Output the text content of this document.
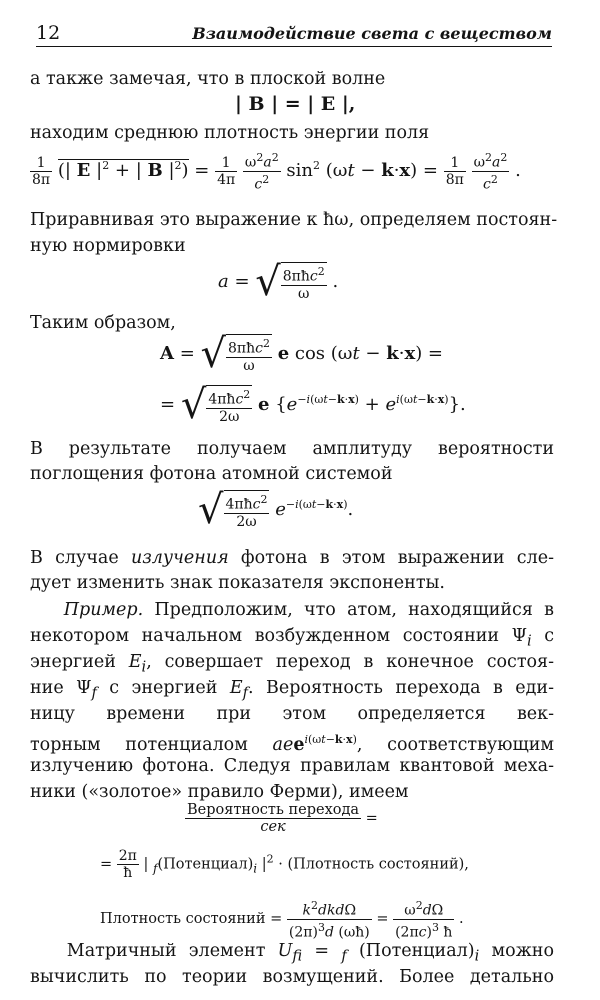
12	Взаимодействие света с веществом
а также замечая, что в плоской волне
| B | = | E |,
находим среднюю плотность энергии поля
$\frac{1}{8\pi}$ (| E $|^2$ + | B $|^2) = \frac{1}{4\pi}$
$\frac{\omega^2a^2}{c^2} \sin^2 (\omega t - k\cdot x) = \frac{1}{8\pi}$
$\frac{\omega^2a^2}{c^2}$ .
Приравнивая это выражение к ħω, определяем постоян-
ную нормировки
a = √ $\frac{8\pi ħc^2}{\omega}$ .
Таким образом,
A = √ $\frac{8\pi ħc^2}{\omega}$ e cos (ωt − k·x) =
= √ $\frac{4\pi ħc^2}{2\omega}$ e $\{e^{-i(\omega t-k\cdot x)} + e^{i(\omega t-k\cdot x)}\}$.
В результате получаем амплитуду вероятности
поглощения фотона атомной системой
√ $\frac{4\pi ħc^2}{2\omega} e^{-i(\omega t-k\cdot x)}$.
В случае излучения фотона в этом выражении сле-
дует изменить знак показателя экспоненты.
Пример. Предположим, что атом, находящийся в
некотором начальном возбужденном состоянии $\Psi_i$ с
энергией $E_i$, совершает переход в конечное состоя-
ние $\Psi_f$ с энергией $E_f$. Вероятность перехода в еди-
ницу времени при этом определяется век-
торным потенциалом aee$^{i(\omega t-k\cdot x)}$, соответствующим
излучению фотона. Следуя правилам квантовой меха-
ники («золотое» правило Ферми), имеем
$\frac{\text{Вероятность перехода}}{\text{сек}}$ =
= $\frac{2\pi}{ħ}$ | $_f(Потенциал)_i$ $|^2$ · (Плотность состояний),
Плотность состояний = $\frac{k^2dkd\Omega}{(2\pi)^3d (\omega ħ)} = \frac{\omega^2d\Omega}{(2\pi c)^3 ħ}$ .
Матричный элемент $U_{fi} = _f$ $(Потенциал)_i$ можно
вычислить по теории возмущений. Более детально
